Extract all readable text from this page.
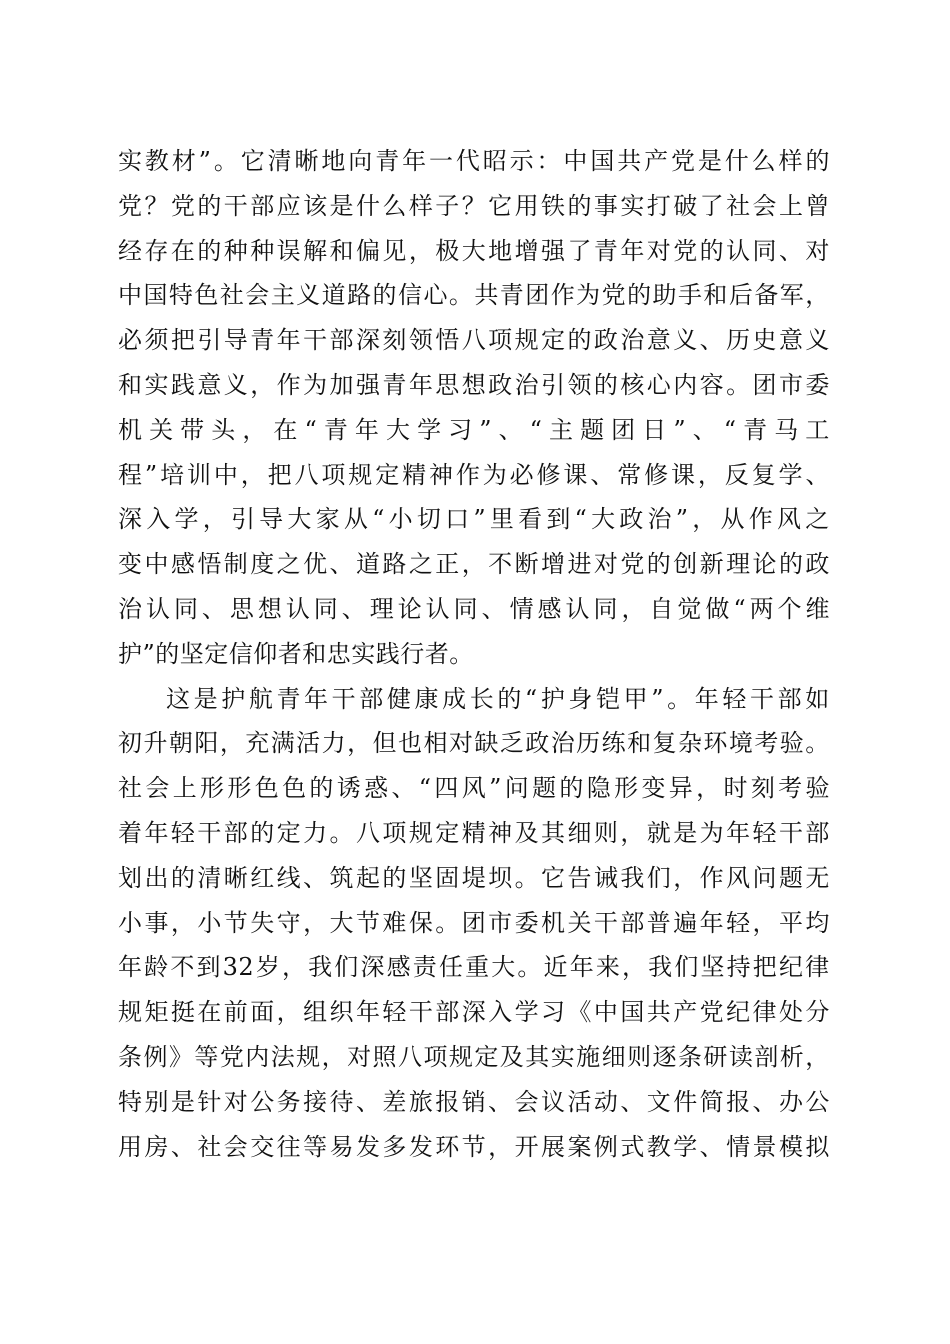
实 教 材 ” 。 它 清 晰 地 向 青 年 一 代 昭 示 ： 中 国 共 产 党 是 什 么 样 的
党 ？ 党 的 干 部 应 该 是 什 么 样 子 ？ 它 用 铁 的 事 实 打 破 了 社 会 上 曾
经 存 在 的 种 种 误 解 和 偏 见 ， 极 大 地 增 强 了 青 年 对 党 的 认 同 、 对
中 国 特 色 社 会 主 义 道 路 的 信 心 。 共 青 团 作 为 党 的 助 手 和 后 备 军 ，
必 须 把 引 导 青 年 干 部 深 刻 领 悟 八 项 规 定 的 政 治 意 义 、 历 史 意 义
和 实 践 意 义 ， 作 为 加 强 青 年 思 想 政 治 引 领 的 核 心 内 容 。 团 市 委
机 关 带 头 ， 在 “ 青 年 大 学 习 ” 、 “ 主 题 团 日 ” 、 “ 青 马 工
程 ” 培 训 中 ， 把 八 项 规 定 精 神 作 为 必 修 课 、 常 修 课 ， 反 复 学 、
深 入 学 ， 引 导 大 家 从 “ 小 切 口 ” 里 看 到 “ 大 政 治 ” ， 从 作 风 之
变 中 感 悟 制 度 之 优 、 道 路 之 正 ， 不 断 增 进 对 党 的 创 新 理 论 的 政
治 认 同 、 思 想 认 同 、 理 论 认 同 、 情 感 认 同 ， 自 觉 做 “ 两 个 维
护 ” 的 坚 定 信 仰 者 和 忠 实 践 行 者 。
这 是 护 航 青 年 干 部 健 康 成 长 的 “ 护 身 铠 甲 ” 。 年 轻 干 部 如
初 升 朝 阳 ， 充 满 活 力 ， 但 也 相 对 缺 乏 政 治 历 练 和 复 杂 环 境 考 验 。
社 会 上 形 形 色 色 的 诱 惑 、 “ 四 风 ” 问 题 的 隐 形 变 异 ， 时 刻 考 验
着 年 轻 干 部 的 定 力 。 八 项 规 定 精 神 及 其 细 则 ， 就 是 为 年 轻 干 部
划 出 的 清 晰 红 线 、 筑 起 的 坚 固 堤 坝 。 它 告 诫 我 们 ， 作 风 问 题 无
小 事 ， 小 节 失 守 ， 大 节 难 保 。 团 市 委 机 关 干 部 普 遍 年 轻 ， 平 均
年 龄 不 到 32 岁 ， 我 们 深 感 责 任 重 大 。 近 年 来 ， 我 们 坚 持 把 纪 律
规 矩 挺 在 前 面 ， 组 织 年 轻 干 部 深 入 学 习 《 中 国 共 产 党 纪 律 处 分
条 例 》 等 党 内 法 规 ， 对 照 八 项 规 定 及 其 实 施 细 则 逐 条 研 读 剖 析 ，
特 别 是 针 对 公 务 接 待 、 差 旅 报 销 、 会 议 活 动 、 文 件 简 报 、 办 公
用 房 、 社 会 交 往 等 易 发 多 发 环 节 ， 开 展 案 例 式 教 学 、 情 景 模 拟
